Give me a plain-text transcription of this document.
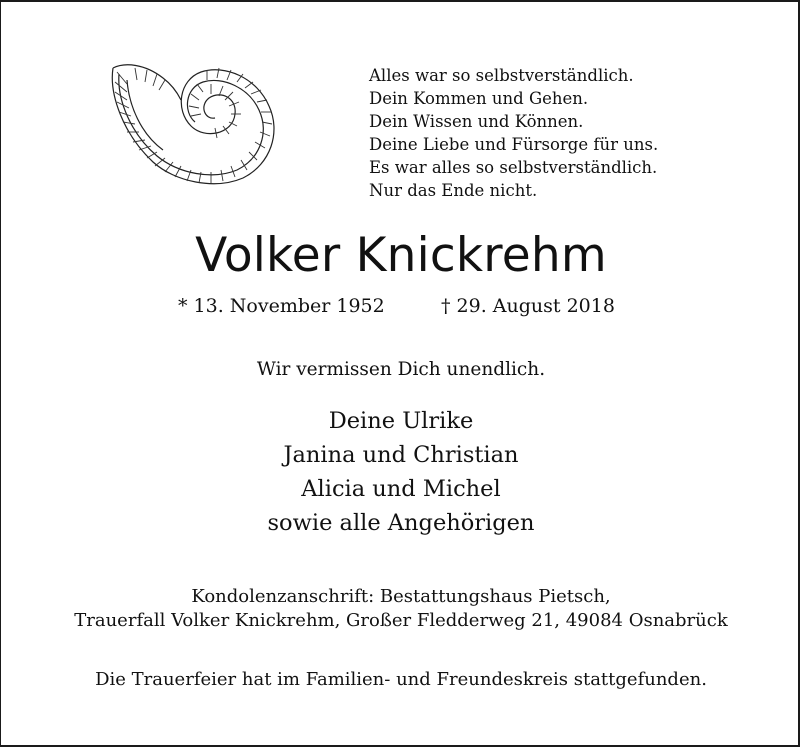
Alles war so selbstverständlich.
Dein Kommen und Gehen.
Dein Wissen und Können.
Deine Liebe und Fürsorge für uns.
Es war alles so selbstverständlich.
Nur das Ende nicht.
Volker Knickrehm
* 13. November 1952	† 29. August 2018
Wir vermissen Dich unendlich.
Deine Ulrike
Janina und Christian
Alicia und Michel
sowie alle Angehörigen
Kondolenzanschrift: Bestattungshaus Pietsch,
Trauerfall Volker Knickrehm, Großer Fledderweg 21, 49084 Osnabrück
Die Trauerfeier hat im Familien- und Freundeskreis stattgefunden.
